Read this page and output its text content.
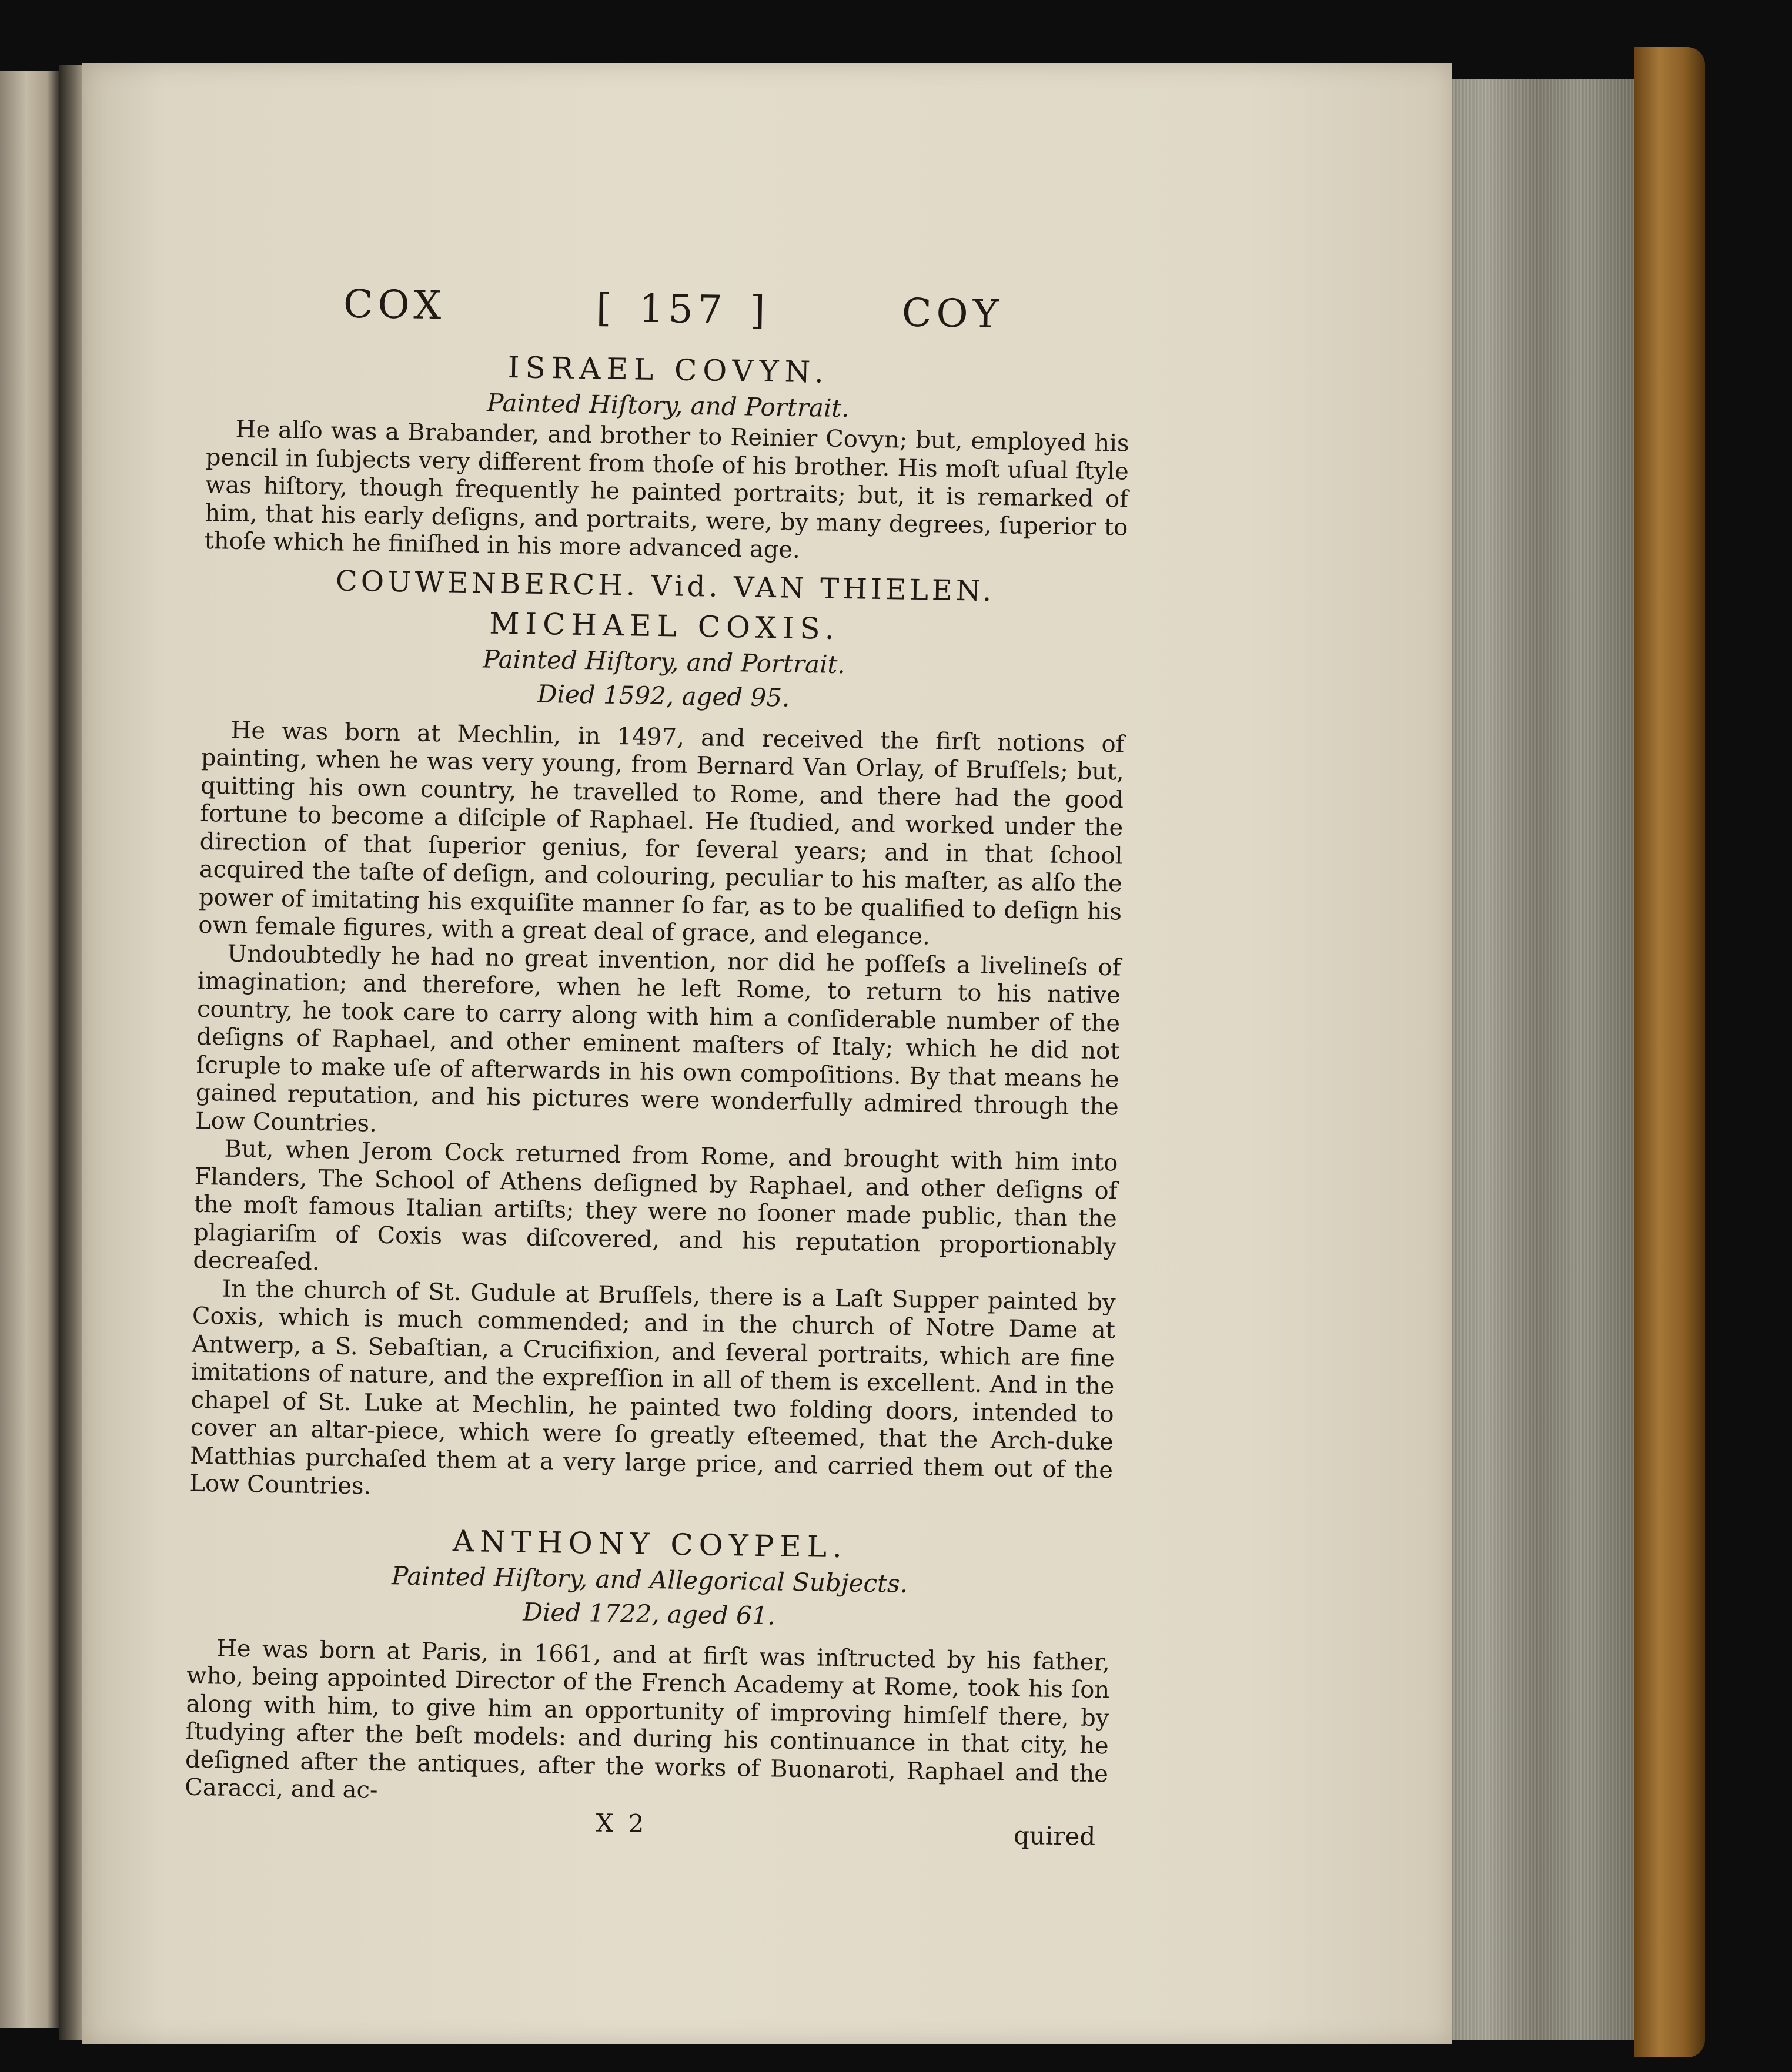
COX	[ 157 ]	COY

ISRAEL COVYN.

Painted Hiſtory, and Portrait.

He alſo was a Brabander, and brother to Reinier Covyn; but, employed his pencil in ſubjects very different from thoſe of his brother. His moſt uſual ſtyle was hiſtory, though frequently he painted portraits; but, it is remarked of him, that his early deſigns, and portraits, were, by many degrees, ſuperior to thoſe which he finiſhed in his more advanced age.

COUWENBERCH. Vid. VAN THIELEN.

MICHAEL COXIS.

Painted Hiſtory, and Portrait.

Died 1592, aged 95.

He was born at Mechlin, in 1497, and received the firſt notions of painting, when he was very young, from Bernard Van Orlay, of Bruſſels; but, quitting his own country, he travelled to Rome, and there had the good fortune to become a diſciple of Raphael. He ſtudied, and worked under the direction of that ſuperior genius, for ſeveral years; and in that ſchool acquired the taſte of deſign, and colouring, peculiar to his maſter, as alſo the power of imitating his exquiſite manner ſo far, as to be qualified to deſign his own female figures, with a great deal of grace, and elegance.

Undoubtedly he had no great invention, nor did he poſſeſs a livelineſs of imagination; and therefore, when he left Rome, to return to his native country, he took care to carry along with him a conſiderable number of the deſigns of Raphael, and other eminent maſters of Italy; which he did not ſcruple to make uſe of afterwards in his own compoſitions. By that means he gained reputation, and his pictures were wonderfully admired through the Low Countries.

But, when Jerom Cock returned from Rome, and brought with him into Flanders, The School of Athens deſigned by Raphael, and other deſigns of the moſt famous Italian artiſts; they were no ſooner made public, than the plagiariſm of Coxis was diſcovered, and his reputation proportionably decreaſed.

In the church of St. Gudule at Bruſſels, there is a Laſt Supper painted by Coxis, which is much commended; and in the church of Notre Dame at Antwerp, a S. Sebaſtian, a Crucifixion, and ſeveral portraits, which are fine imitations of nature, and the expreſſion in all of them is excellent. And in the chapel of St. Luke at Mechlin, he painted two folding doors, intended to cover an altar-piece, which were ſo greatly eſteemed, that the Arch-duke Matthias purchaſed them at a very large price, and carried them out of the Low Countries.

ANTHONY COYPEL.

Painted Hiſtory, and Allegorical Subjects.

Died 1722, aged 61.

He was born at Paris, in 1661, and at firſt was inſtructed by his father, who, being appointed Director of the French Academy at Rome, took his ſon along with him, to give him an opportunity of improving himſelf there, by ſtudying after the beſt models: and during his continuance in that city, he deſigned after the antiques, after the works of Buonaroti, Raphael and the Caracci, and ac-

X 2	quired
